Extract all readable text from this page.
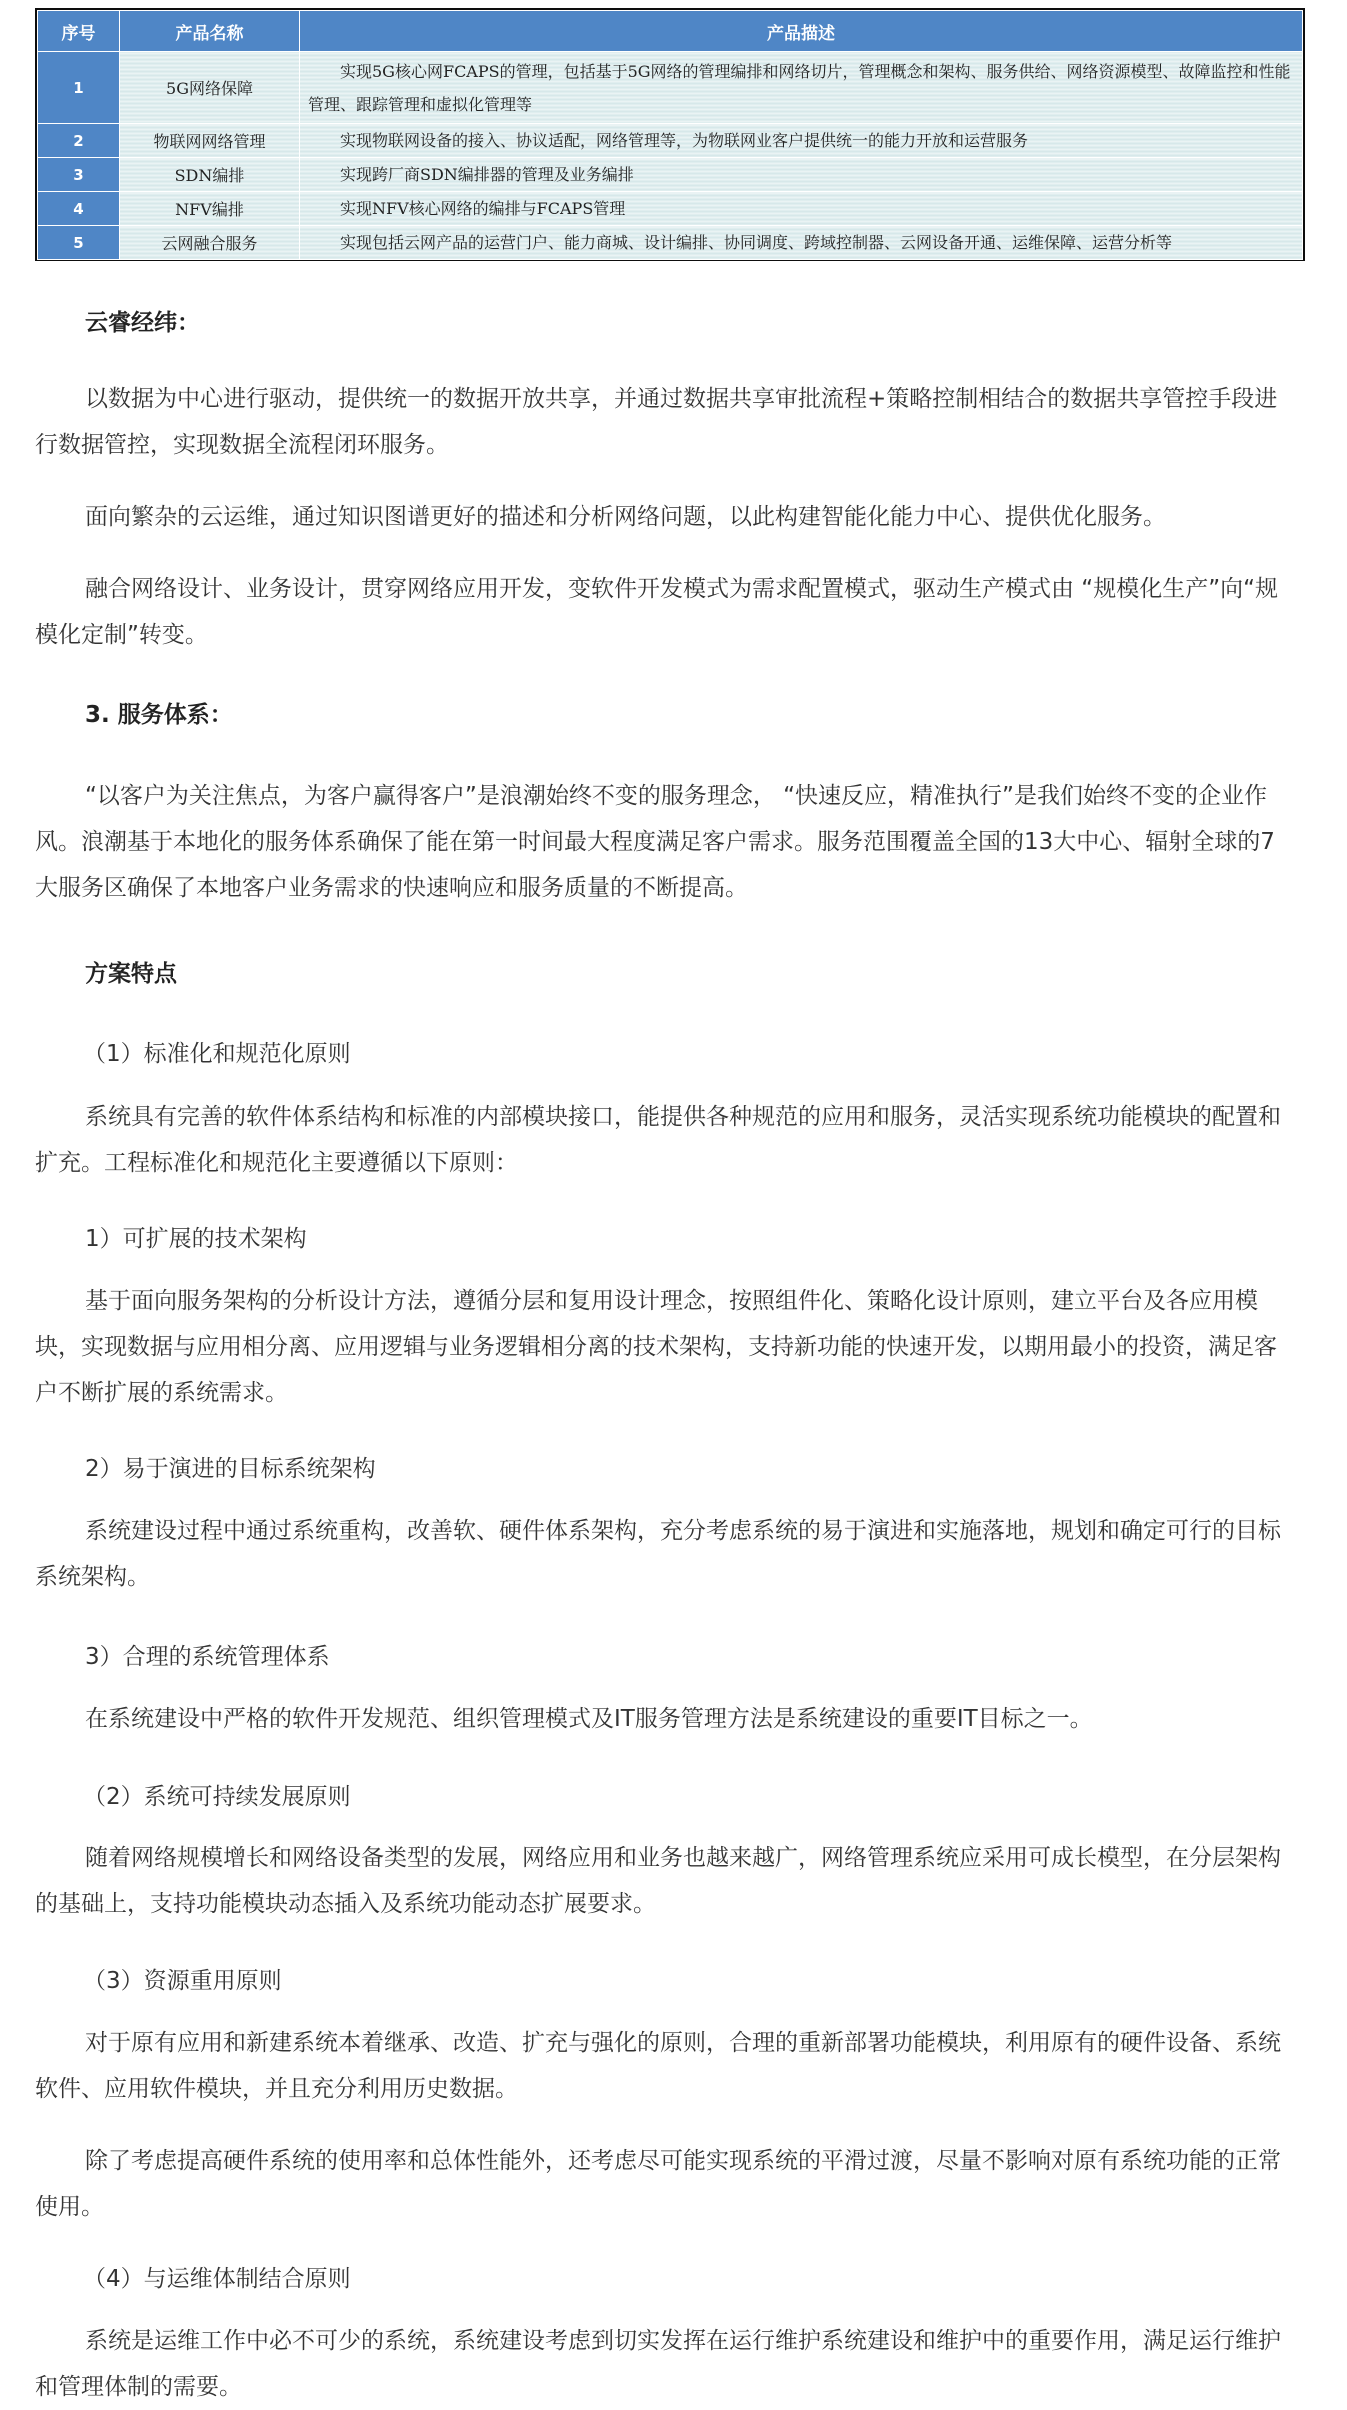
序号	产品名称	产品描述
1	5G网络保障	实现5G核心网FCAPS的管理，包括基于5G网络的管理编排和网络切片，管理概念和架构、服务供给、网络资源模型、故障监控和性能管理、跟踪管理和虚拟化管理等
2	物联网网络管理	实现物联网设备的接入、协议适配，网络管理等，为物联网业客户提供统一的能力开放和运营服务
3	SDN编排	实现跨厂商SDN编排器的管理及业务编排
4	NFV编排	实现NFV核心网络的编排与FCAPS管理
5	云网融合服务	实现包括云网产品的运营门户、能力商城、设计编排、协同调度、跨域控制器、云网设备开通、运维保障、运营分析等
云睿经纬：

以数据为中心进行驱动，提供统一的数据开放共享，并通过数据共享审批流程+策略控制相结合的数据共享管控手段进行数据管控，实现数据全流程闭环服务。

面向繁杂的云运维，通过知识图谱更好的描述和分析网络问题，以此构建智能化能力中心、提供优化服务。

融合网络设计、业务设计，贯穿网络应用开发，变软件开发模式为需求配置模式，驱动生产模式由 “规模化生产”向“规模化定制”转变。

3. 服务体系：

“以客户为关注焦点，为客户赢得客户”是浪潮始终不变的服务理念， “快速反应，精准执行”是我们始终不变的企业作风。浪潮基于本地化的服务体系确保了能在第一时间最大程度满足客户需求。服务范围覆盖全国的13大中心、辐射全球的7大服务区确保了本地客户业务需求的快速响应和服务质量的不断提高。

方案特点
（1）标准化和规范化原则

系统具有完善的软件体系结构和标准的内部模块接口，能提供各种规范的应用和服务，灵活实现系统功能模块的配置和扩充。工程标准化和规范化主要遵循以下原则：

1）可扩展的技术架构

基于面向服务架构的分析设计方法，遵循分层和复用设计理念，按照组件化、策略化设计原则，建立平台及各应用模块，实现数据与应用相分离、应用逻辑与业务逻辑相分离的技术架构，支持新功能的快速开发，以期用最小的投资，满足客户不断扩展的系统需求。

2）易于演进的目标系统架构

系统建设过程中通过系统重构，改善软、硬件体系架构，充分考虑系统的易于演进和实施落地，规划和确定可行的目标系统架构。

3）合理的系统管理体系

在系统建设中严格的软件开发规范、组织管理模式及IT服务管理方法是系统建设的重要IT目标之一。

（2）系统可持续发展原则

随着网络规模增长和网络设备类型的发展，网络应用和业务也越来越广，网络管理系统应采用可成长模型，在分层架构的基础上，支持功能模块动态插入及系统功能动态扩展要求。

（3）资源重用原则

对于原有应用和新建系统本着继承、改造、扩充与强化的原则，合理的重新部署功能模块，利用原有的硬件设备、系统软件、应用软件模块，并且充分利用历史数据。

除了考虑提高硬件系统的使用率和总体性能外，还考虑尽可能实现系统的平滑过渡，尽量不影响对原有系统功能的正常使用。

（4）与运维体制结合原则

系统是运维工作中必不可少的系统，系统建设考虑到切实发挥在运行维护系统建设和维护中的重要作用，满足运行维护和管理体制的需要。
